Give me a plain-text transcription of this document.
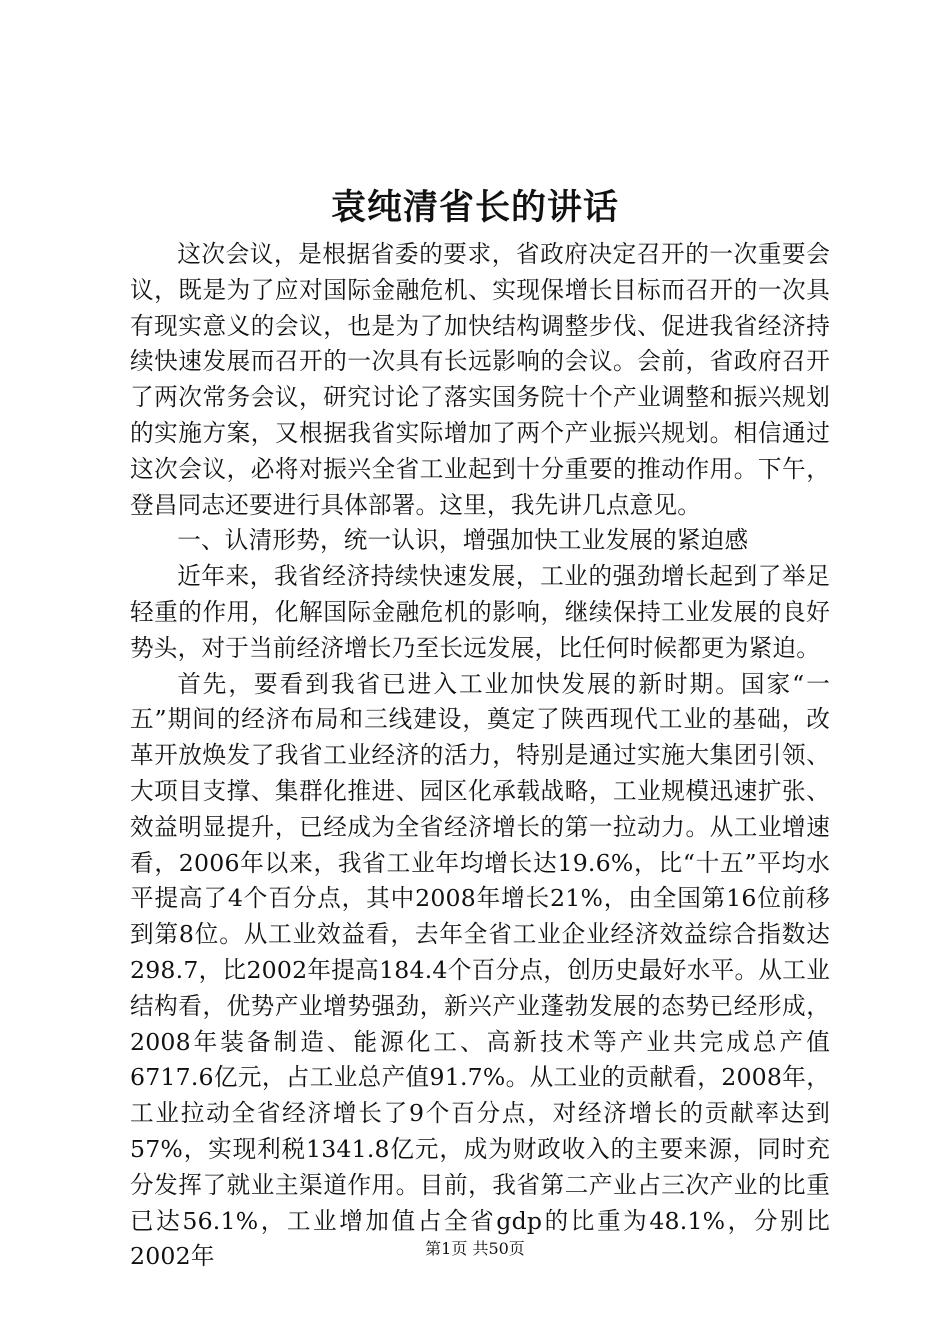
袁纯清省长的讲话

这次会议，是根据省委的要求，省政府决定召开的一次重要会议，既是为了应对国际金融危机、实现保增长目标而召开的一次具有现实意义的会议，也是为了加快结构调整步伐、促进我省经济持续快速发展而召开的一次具有长远影响的会议。会前，省政府召开了两次常务会议，研究讨论了落实国务院十个产业调整和振兴规划的实施方案，又根据我省实际增加了两个产业振兴规划。相信通过这次会议，必将对振兴全省工业起到十分重要的推动作用。下午，登昌同志还要进行具体部署。这里，我先讲几点意见。

一、认清形势，统一认识，增强加快工业发展的紧迫感

近年来，我省经济持续快速发展，工业的强劲增长起到了举足轻重的作用，化解国际金融危机的影响，继续保持工业发展的良好势头，对于当前经济增长乃至长远发展，比任何时候都更为紧迫。

首先，要看到我省已进入工业加快发展的新时期。国家“一五”期间的经济布局和三线建设，奠定了陕西现代工业的基础，改革开放焕发了我省工业经济的活力，特别是通过实施大集团引领、大项目支撑、集群化推进、园区化承载战略，工业规模迅速扩张、效益明显提升，已经成为全省经济增长的第一拉动力。从工业增速看，2006年以来，我省工业年均增长达19.6%，比“十五”平均水平提高了4个百分点，其中2008年增长21%，由全国第16位前移到第8位。从工业效益看，去年全省工业企业经济效益综合指数达298.7，比2002年提高184.4个百分点，创历史最好水平。从工业结构看，优势产业增势强劲，新兴产业蓬勃发展的态势已经形成，2008年装备制造、能源化工、高新技术等产业共完成总产值6717.6亿元，占工业总产值91.7%。从工业的贡献看，2008年，工业拉动全省经济增长了9个百分点，对经济增长的贡献率达到57%，实现利税1341.8亿元，成为财政收入的主要来源，同时充分发挥了就业主渠道作用。目前，我省第二产业占三次产业的比重已达56.1%，工业增加值占全省gdp的比重为48.1%，分别比2002年	第1页 共50页
